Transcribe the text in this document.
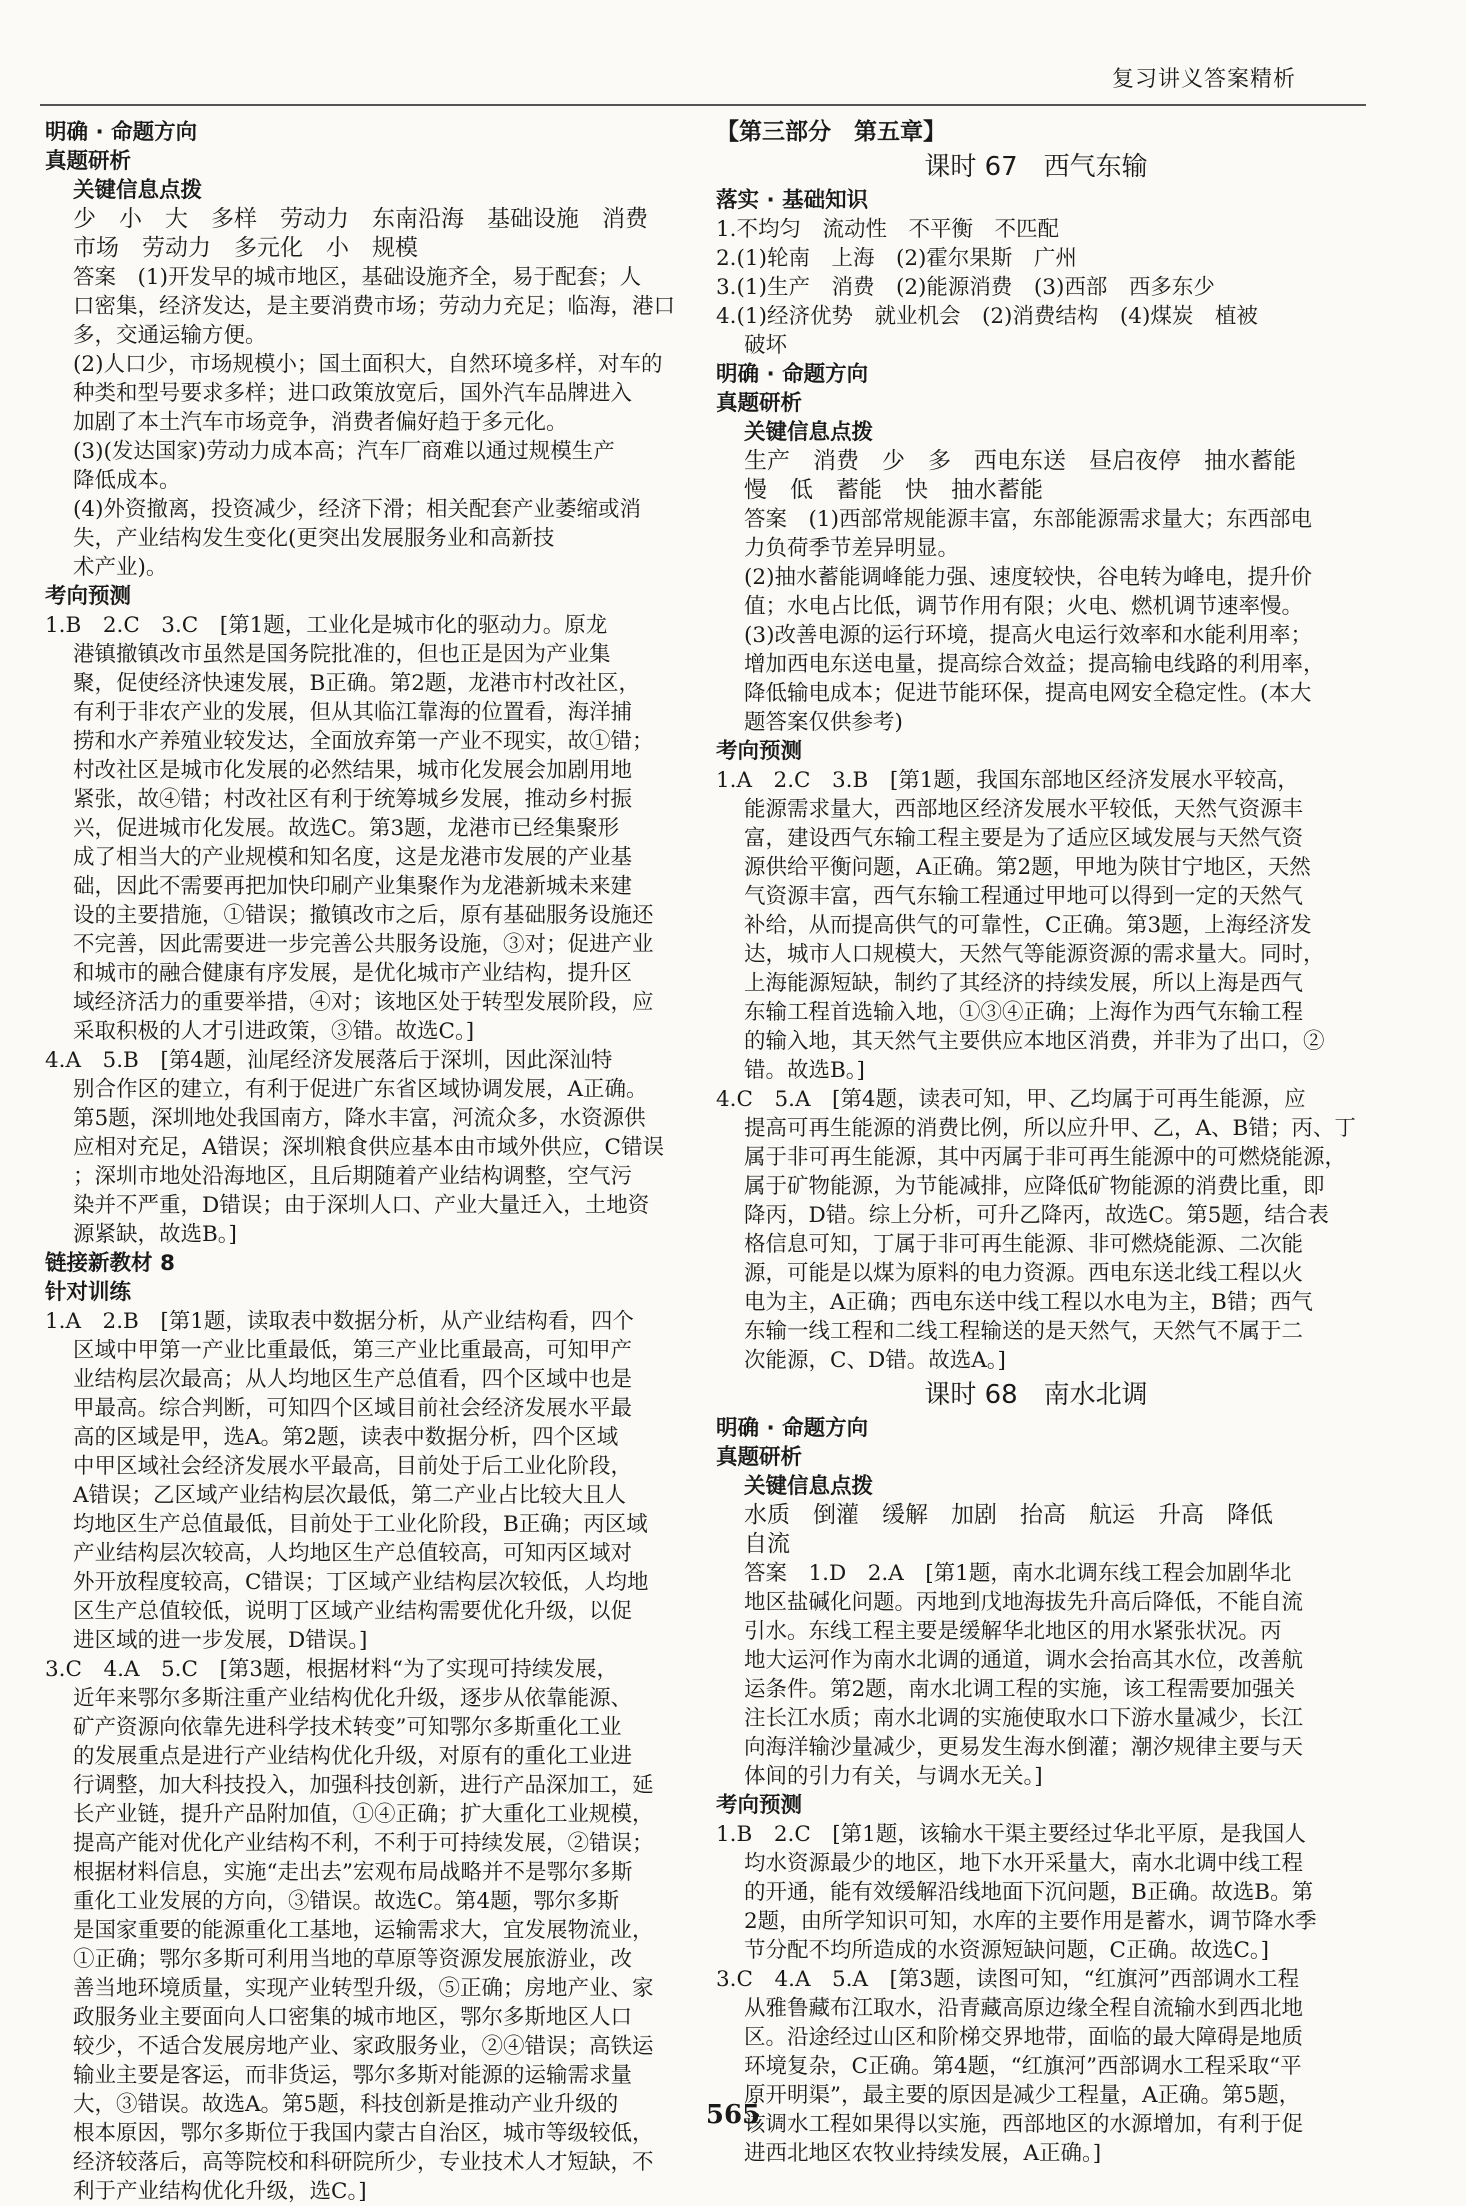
复习讲义答案精析
明确 · 命题方向
真题研析
关键信息点拨
少　小　大　多样　劳动力　东南沿海　基础设施　消费
市场　劳动力　多元化　小　规模
答案　(1)开发早的城市地区，基础设施齐全，易于配套；人
口密集，经济发达，是主要消费市场；劳动力充足；临海，港口
多，交通运输方便。
(2)人口少，市场规模小；国土面积大，自然环境多样，对车的
种类和型号要求多样；进口政策放宽后，国外汽车品牌进入
加剧了本土汽车市场竞争，消费者偏好趋于多元化。
(3)(发达国家)劳动力成本高；汽车厂商难以通过规模生产
降低成本。
(4)外资撤离，投资减少，经济下滑；相关配套产业萎缩或消
失，产业结构发生变化(更突出发展服务业和高新技
术产业)。
考向预测
1.B　2.C　3.C　[第1题，工业化是城市化的驱动力。原龙
港镇撤镇改市虽然是国务院批准的，但也正是因为产业集
聚，促使经济快速发展，B正确。第2题，龙港市村改社区，
有利于非农产业的发展，但从其临江靠海的位置看，海洋捕
捞和水产养殖业较发达，全面放弃第一产业不现实，故①错；
村改社区是城市化发展的必然结果，城市化发展会加剧用地
紧张，故④错；村改社区有利于统筹城乡发展，推动乡村振
兴，促进城市化发展。故选C。第3题，龙港市已经集聚形
成了相当大的产业规模和知名度，这是龙港市发展的产业基
础，因此不需要再把加快印刷产业集聚作为龙港新城未来建
设的主要措施，①错误；撤镇改市之后，原有基础服务设施还
不完善，因此需要进一步完善公共服务设施，③对；促进产业
和城市的融合健康有序发展，是优化城市产业结构，提升区
域经济活力的重要举措，④对；该地区处于转型发展阶段，应
采取积极的人才引进政策，③错。故选C。]
4.A　5.B　[第4题，汕尾经济发展落后于深圳，因此深汕特
别合作区的建立，有利于促进广东省区域协调发展，A正确。
第5题，深圳地处我国南方，降水丰富，河流众多，水资源供
应相对充足，A错误；深圳粮食供应基本由市域外供应，C错误
；深圳市地处沿海地区，且后期随着产业结构调整，空气污
染并不严重，D错误；由于深圳人口、产业大量迁入，土地资
源紧缺，故选B。]
链接新教材 8
针对训练
1.A　2.B　[第1题，读取表中数据分析，从产业结构看，四个
区域中甲第一产业比重最低，第三产业比重最高，可知甲产
业结构层次最高；从人均地区生产总值看，四个区域中也是
甲最高。综合判断，可知四个区域目前社会经济发展水平最
高的区域是甲，选A。第2题，读表中数据分析，四个区域
中甲区域社会经济发展水平最高，目前处于后工业化阶段，
A错误；乙区域产业结构层次最低，第二产业占比较大且人
均地区生产总值最低，目前处于工业化阶段，B正确；丙区域
产业结构层次较高，人均地区生产总值较高，可知丙区域对
外开放程度较高，C错误；丁区域产业结构层次较低，人均地
区生产总值较低，说明丁区域产业结构需要优化升级，以促
进区域的进一步发展，D错误。]
3.C　4.A　5.C　[第3题，根据材料“为了实现可持续发展，
近年来鄂尔多斯注重产业结构优化升级，逐步从依靠能源、
矿产资源向依靠先进科学技术转变”可知鄂尔多斯重化工业
的发展重点是进行产业结构优化升级，对原有的重化工业进
行调整，加大科技投入，加强科技创新，进行产品深加工，延
长产业链，提升产品附加值，①④正确；扩大重化工业规模，
提高产能对优化产业结构不利，不利于可持续发展，②错误；
根据材料信息，实施“走出去”宏观布局战略并不是鄂尔多斯
重化工业发展的方向，③错误。故选C。第4题，鄂尔多斯
是国家重要的能源重化工基地，运输需求大，宜发展物流业，
①正确；鄂尔多斯可利用当地的草原等资源发展旅游业，改
善当地环境质量，实现产业转型升级，⑤正确；房地产业、家
政服务业主要面向人口密集的城市地区，鄂尔多斯地区人口
较少，不适合发展房地产业、家政服务业，②④错误；高铁运
输业主要是客运，而非货运，鄂尔多斯对能源的运输需求量
大，③错误。故选A。第5题，科技创新是推动产业升级的
根本原因，鄂尔多斯位于我国内蒙古自治区，城市等级较低，
经济较落后，高等院校和科研院所少，专业技术人才短缺，不
利于产业结构优化升级，选C。]
【第三部分　第五章】
课时 67　西气东输
落实 · 基础知识
1.不均匀　流动性　不平衡　不匹配
2.(1)轮南　上海　(2)霍尔果斯　广州
3.(1)生产　消费　(2)能源消费　(3)西部　西多东少
4.(1)经济优势　就业机会　(2)消费结构　(4)煤炭　植被
破坏
明确 · 命题方向
真题研析
关键信息点拨
生产　消费　少　多　西电东送　昼启夜停　抽水蓄能
慢　低　蓄能　快　抽水蓄能
答案　(1)西部常规能源丰富，东部能源需求量大；东西部电
力负荷季节差异明显。
(2)抽水蓄能调峰能力强、速度较快，谷电转为峰电，提升价
值；水电占比低，调节作用有限；火电、燃机调节速率慢。
(3)改善电源的运行环境，提高火电运行效率和水能利用率；
增加西电东送电量，提高综合效益；提高输电线路的利用率，
降低输电成本；促进节能环保，提高电网安全稳定性。(本大
题答案仅供参考)
考向预测
1.A　2.C　3.B　[第1题，我国东部地区经济发展水平较高，
能源需求量大，西部地区经济发展水平较低，天然气资源丰
富，建设西气东输工程主要是为了适应区域发展与天然气资
源供给平衡问题，A正确。第2题，甲地为陕甘宁地区，天然
气资源丰富，西气东输工程通过甲地可以得到一定的天然气
补给，从而提高供气的可靠性，C正确。第3题，上海经济发
达，城市人口规模大，天然气等能源资源的需求量大。同时，
上海能源短缺，制约了其经济的持续发展，所以上海是西气
东输工程首选输入地，①③④正确；上海作为西气东输工程
的输入地，其天然气主要供应本地区消费，并非为了出口，②
错。故选B。]
4.C　5.A　[第4题，读表可知，甲、乙均属于可再生能源，应
提高可再生能源的消费比例，所以应升甲、乙，A、B错；丙、丁
属于非可再生能源，其中丙属于非可再生能源中的可燃烧能源，
属于矿物能源，为节能减排，应降低矿物能源的消费比重，即
降丙，D错。综上分析，可升乙降丙，故选C。第5题，结合表
格信息可知，丁属于非可再生能源、非可燃烧能源、二次能
源，可能是以煤为原料的电力资源。西电东送北线工程以火
电为主，A正确；西电东送中线工程以水电为主，B错；西气
东输一线工程和二线工程输送的是天然气，天然气不属于二
次能源，C、D错。故选A。]
课时 68　南水北调
明确 · 命题方向
真题研析
关键信息点拨
水质　倒灌　缓解　加剧　抬高　航运　升高　降低
自流
答案　1.D　2.A　[第1题，南水北调东线工程会加剧华北
地区盐碱化问题。丙地到戊地海拔先升高后降低，不能自流
引水。东线工程主要是缓解华北地区的用水紧张状况。丙
地大运河作为南水北调的通道，调水会抬高其水位，改善航
运条件。第2题，南水北调工程的实施，该工程需要加强关
注长江水质；南水北调的实施使取水口下游水量减少，长江
向海洋输沙量减少，更易发生海水倒灌；潮汐规律主要与天
体间的引力有关，与调水无关。]
考向预测
1.B　2.C　[第1题，该输水干渠主要经过华北平原，是我国人
均水资源最少的地区，地下水开采量大，南水北调中线工程
的开通，能有效缓解沿线地面下沉问题，B正确。故选B。第
2题，由所学知识可知，水库的主要作用是蓄水，调节降水季
节分配不均所造成的水资源短缺问题，C正确。故选C。]
3.C　4.A　5.A　[第3题，读图可知，“红旗河”西部调水工程
从雅鲁藏布江取水，沿青藏高原边缘全程自流输水到西北地
区。沿途经过山区和阶梯交界地带，面临的最大障碍是地质
环境复杂，C正确。第4题，“红旗河”西部调水工程采取“平
原开明渠”，最主要的原因是减少工程量，A正确。第5题，
该调水工程如果得以实施，西部地区的水源增加，有利于促
进西北地区农牧业持续发展，A正确。]
565
